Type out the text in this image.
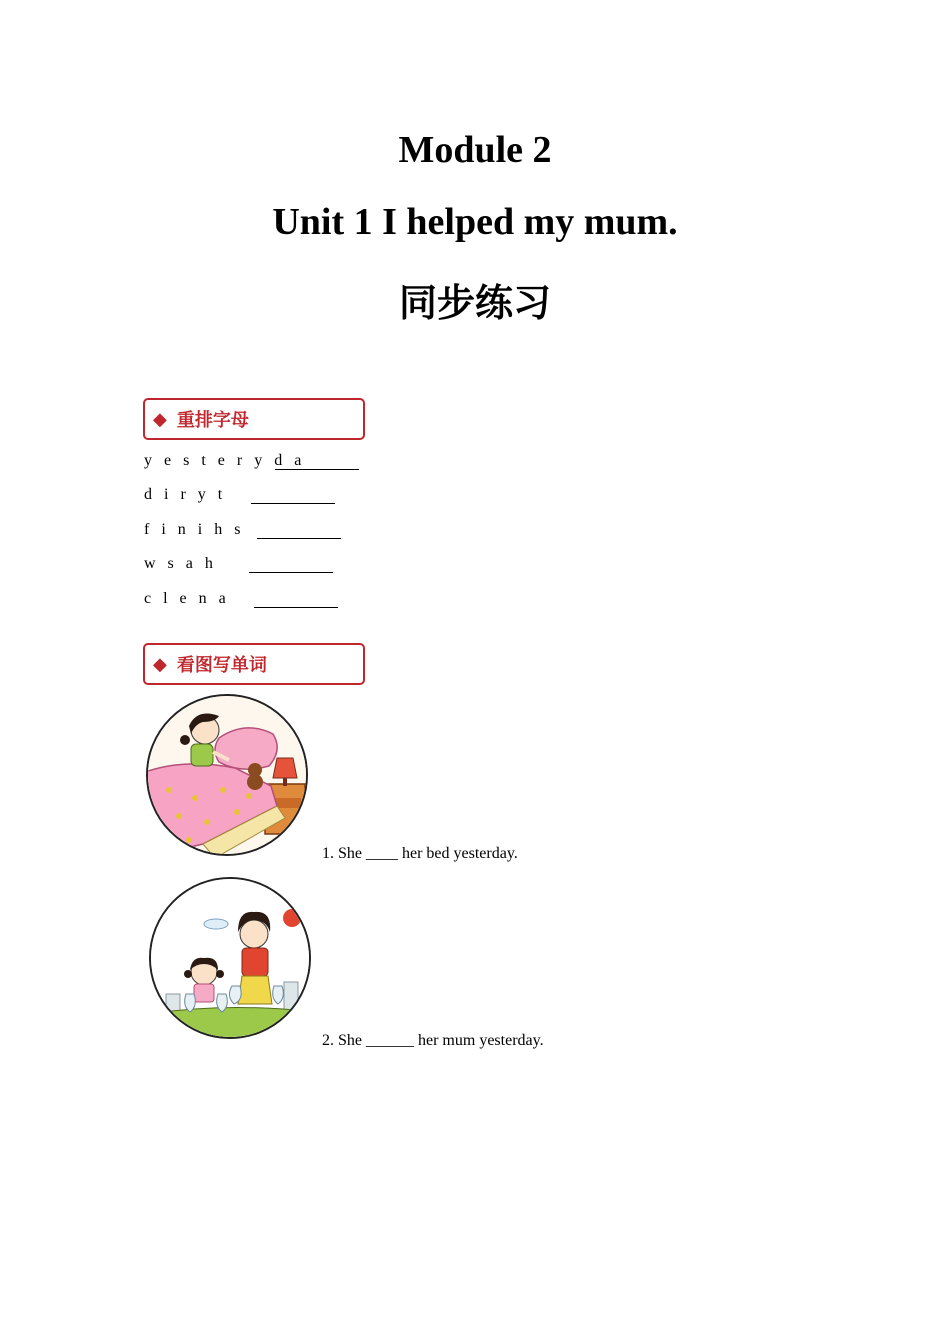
Module 2
Unit 1 I helped my mum.
同步练习
◆ 重排字母
y e s t e r y d a
d i r y t
f i n i h s
w s a h
c l e n a
◆ 看图写单词
1. She ____ her bed yesterday.
2. She ______ her mum yesterday.
